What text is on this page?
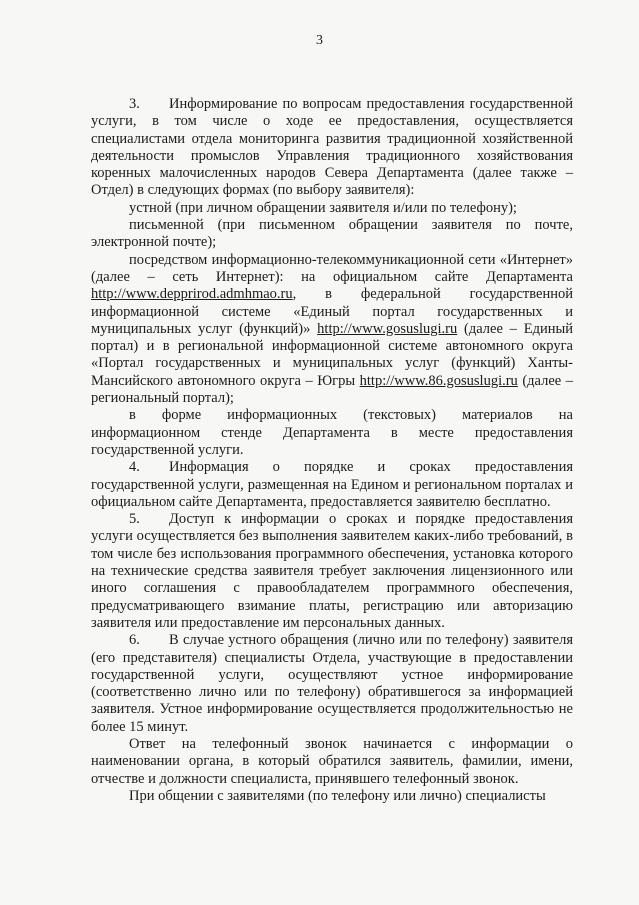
3

3. Информирование по вопросам предоставления государственной услуги, в том числе о ходе ее предоставления, осуществляется специалистами отдела мониторинга развития традиционной хозяйственной деятельности промыслов Управления традиционного хозяйствования коренных малочисленных народов Севера Департамента (далее также – Отдел) в следующих формах (по выбору заявителя):

устной (при личном обращении заявителя и/или по телефону);

письменной (при письменном обращении заявителя по почте, электронной почте);

посредством информационно-телекоммуникационной сети «Интернет» (далее – сеть Интернет): на официальном сайте Департамента http://www.depprirod.admhmao.ru, в федеральной государственной информационной системе «Единый портал государственных и муниципальных услуг (функций)» http://www.gosuslugi.ru (далее – Единый портал) и в региональной информационной системе автономного округа «Портал государственных и муниципальных услуг (функций) Ханты-Мансийского автономного округа – Югры http://www.86.gosuslugi.ru (далее – региональный портал);

в форме информационных (текстовых) материалов на информационном стенде Департамента в месте предоставления государственной услуги.

4. Информация о порядке и сроках предоставления государственной услуги, размещенная на Едином и региональном порталах и официальном сайте Департамента, предоставляется заявителю бесплатно.

5. Доступ к информации о сроках и порядке предоставления услуги осуществляется без выполнения заявителем каких-либо требований, в том числе без использования программного обеспечения, установка которого на технические средства заявителя требует заключения лицензионного или иного соглашения с правообладателем программного обеспечения, предусматривающего взимание платы, регистрацию или авторизацию заявителя или предоставление им персональных данных.

6. В случае устного обращения (лично или по телефону) заявителя (его представителя) специалисты Отдела, участвующие в предоставлении государственной услуги, осуществляют устное информирование (соответственно лично или по телефону) обратившегося за информацией заявителя. Устное информирование осуществляется продолжительностью не более 15 минут.

Ответ на телефонный звонок начинается с информации о наименовании органа, в который обратился заявитель, фамилии, имени, отчестве и должности специалиста, принявшего телефонный звонок.

При общении с заявителями (по телефону или лично) специалисты
